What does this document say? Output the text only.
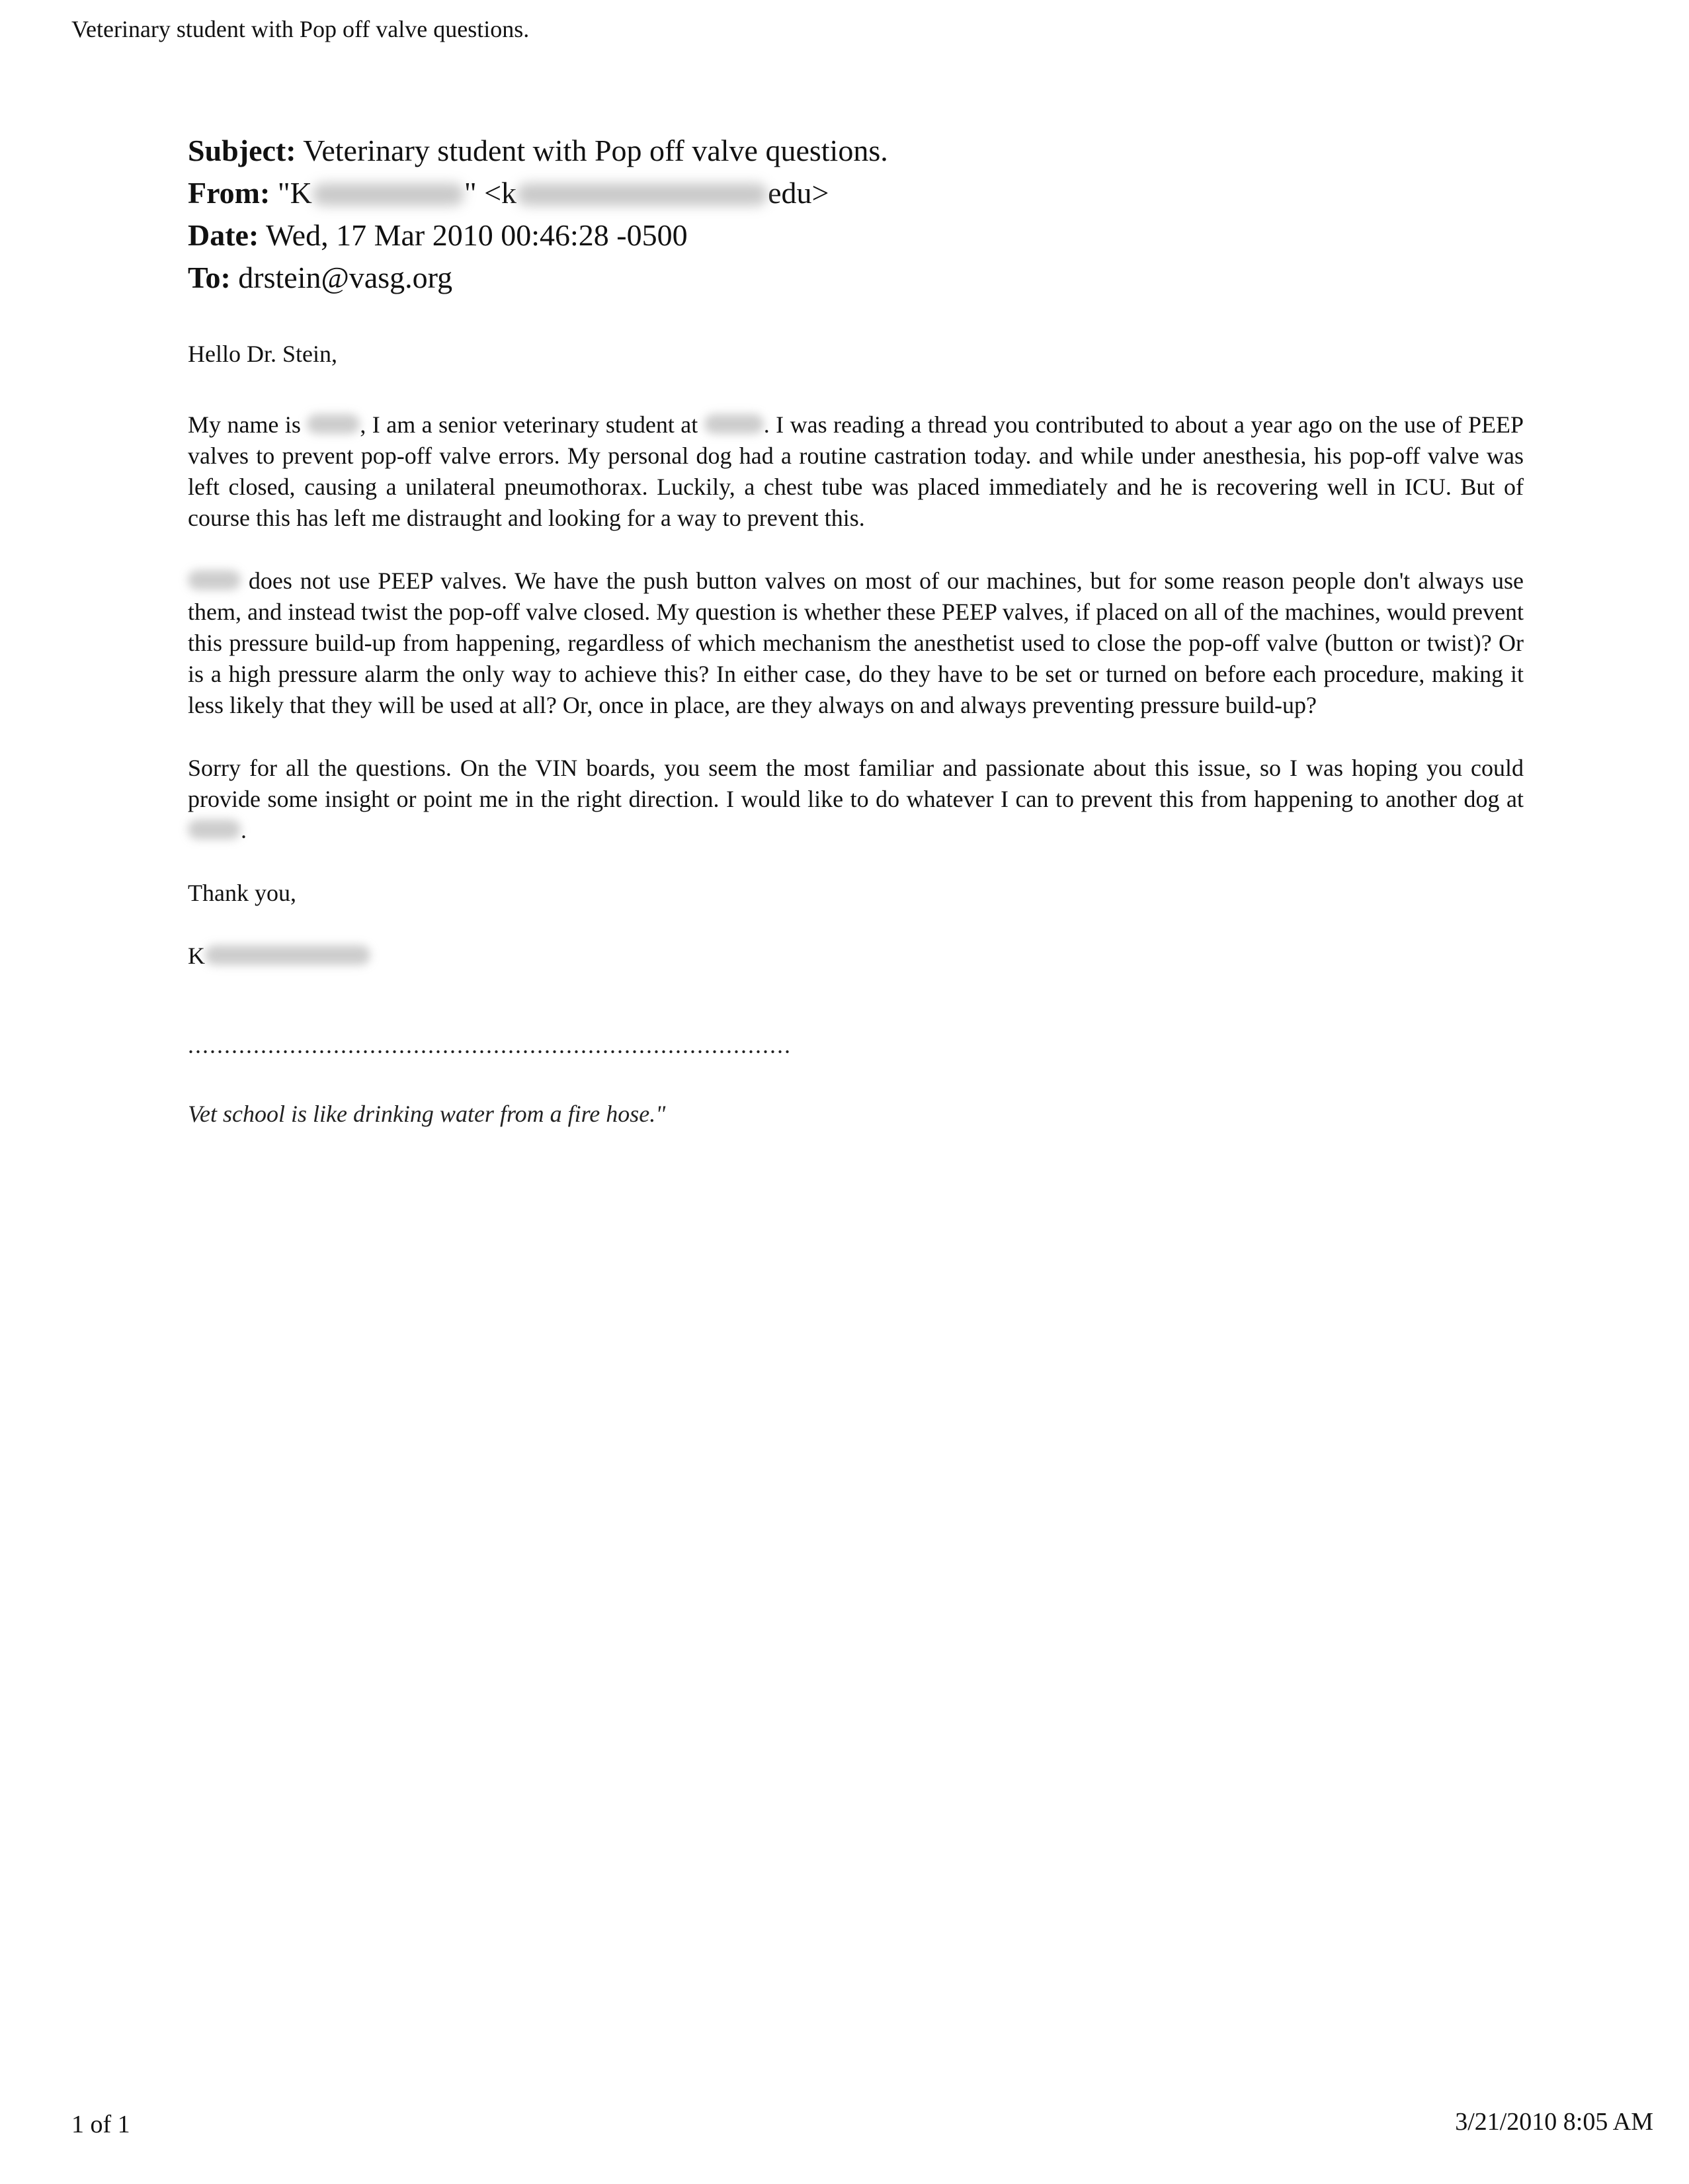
Veterinary student with Pop off valve questions.
Subject: Veterinary student with Pop off valve questions.
From: "K	" <k	edu>
Date: Wed, 17 Mar 2010 00:46:28 -0500
To: drstein@vasg.org

Hello Dr. Stein,

My name is , I am a senior veterinary student at	. I was reading a thread you contributed to about a year ago on the use of PEEP valves to prevent pop-off valve errors. My personal dog had a routine castration today. and while under anesthesia, his pop-off valve was left closed, causing a unilateral pneumothorax. Luckily, a chest tube was placed immediately and he is recovering well in ICU. But of course this has left me distraught and looking for a way to prevent this.

does not use PEEP valves. We have the push button valves on most of our machines, but for some reason people don't always use them, and instead twist the pop-off valve closed. My question is whether these PEEP valves, if placed on all of the machines, would prevent this pressure build-up from happening, regardless of which mechanism the anesthetist used to close the pop-off valve (button or twist)? Or is a high pressure alarm the only way to achieve this? In either case, do they have to be set or turned on before each procedure, making it less likely that they will be used at all? Or, once in place, are they always on and always preventing pressure build-up?

Sorry for all the questions. On the VIN boards, you seem the most familiar and passionate about this issue, so I was hoping you could provide some insight or point me in the right direction. I would like to do whatever I can to prevent this from happening to another dog at .

Thank you,

K

...................................................................................
Vet school is like drinking water from a fire hose."
1 of 1	3/21/2010 8:05 AM
